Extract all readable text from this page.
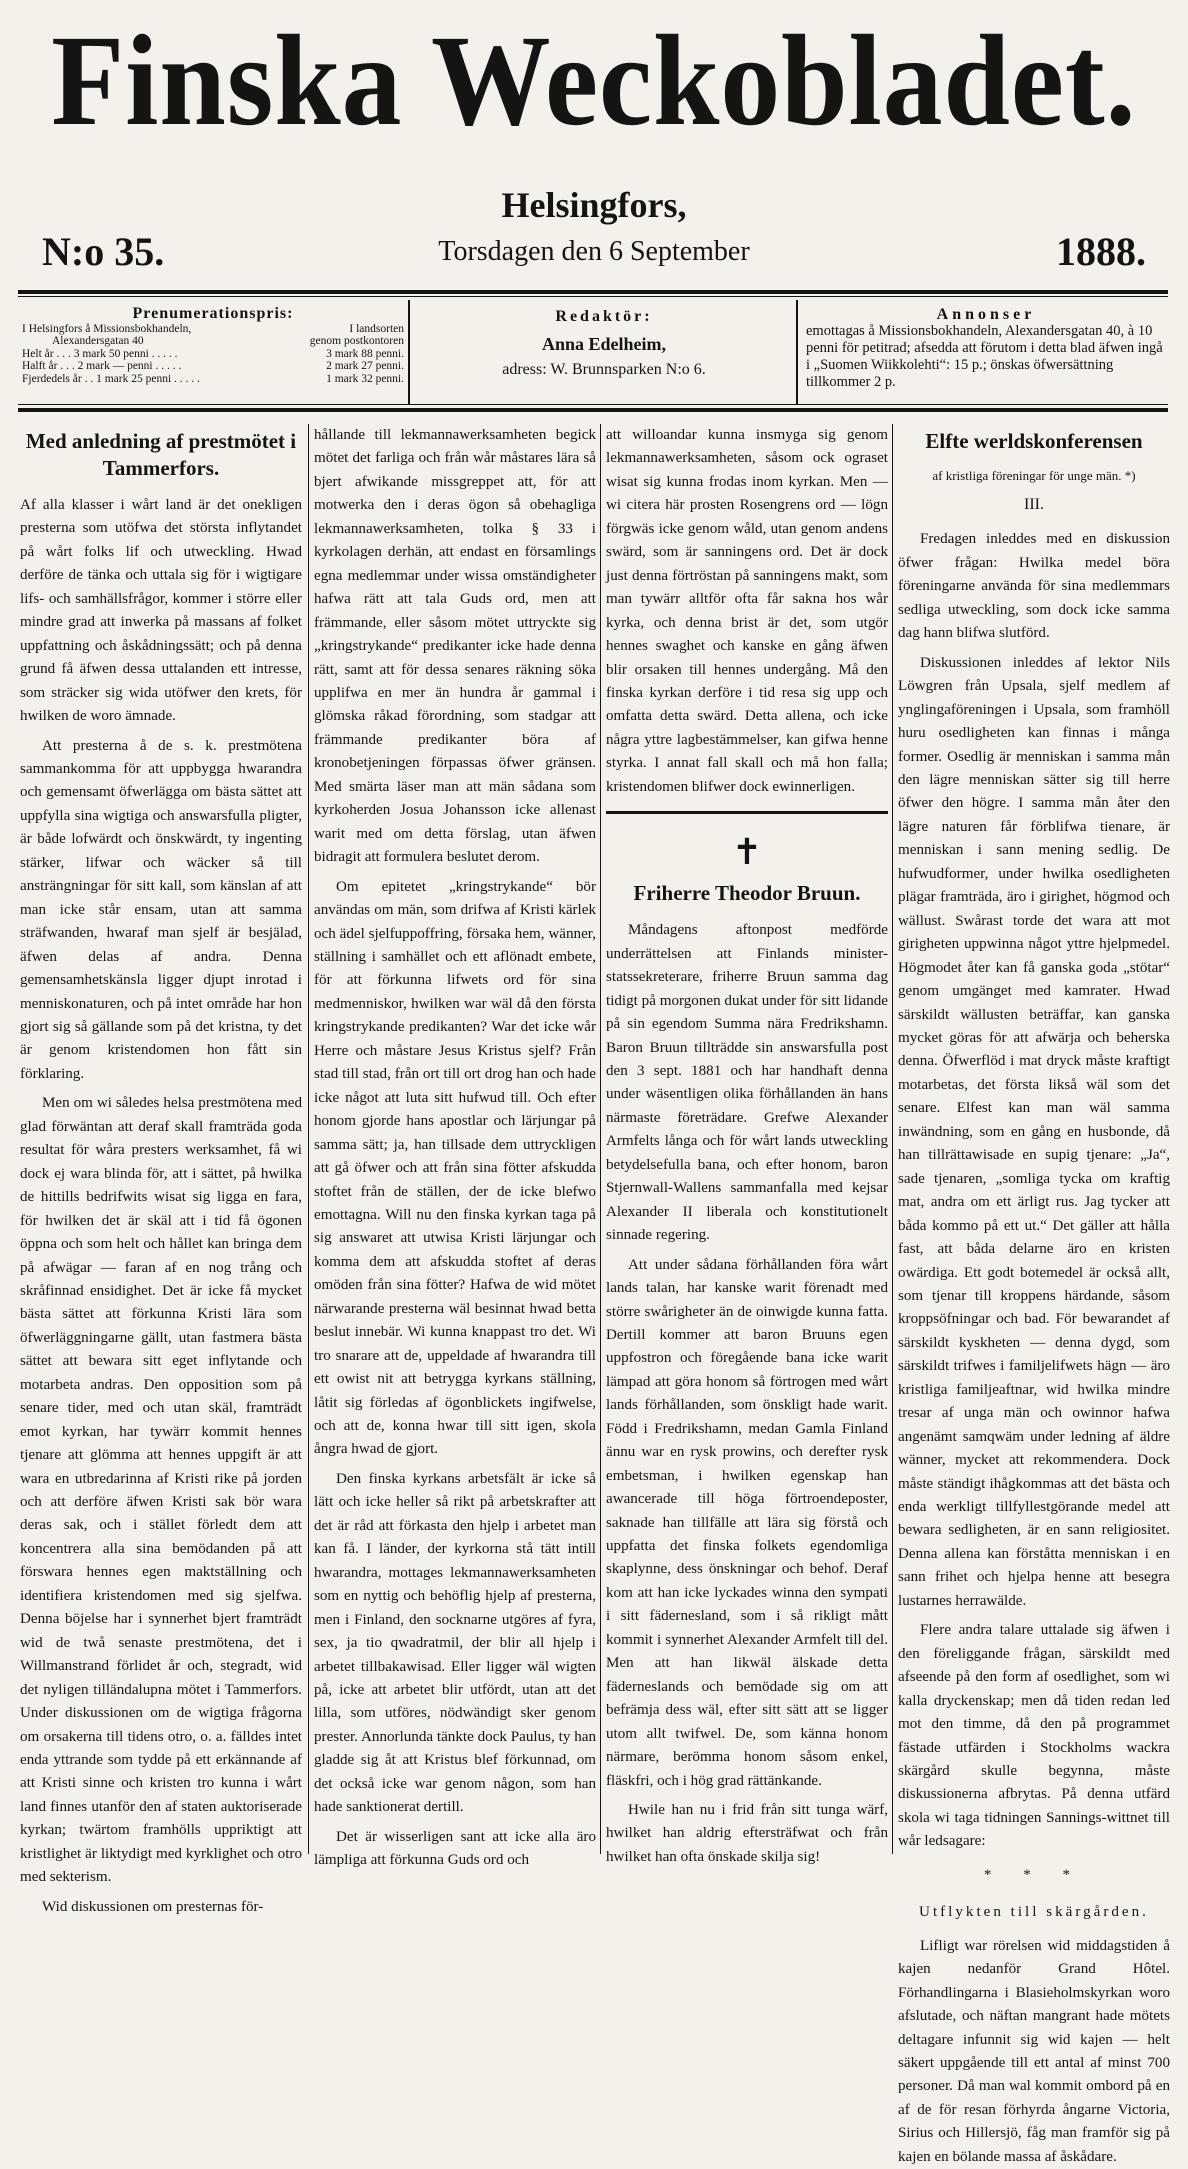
Finska Weckobladet.
Helsingfors,
N:o 35.	Torsdagen den 6 September	1888.
Prenumerationspris:
I Helsingfors å Missionsbokhandeln,	I landsorten
Alexandersgatan 40	genom postkontoren
Helt år . . . 3 mark 50 penni . . . . .	3 mark 88 penni.
Halft år . . . 2 mark — penni . . . . .	2 mark 27 penni.
Fjerdedels år . . 1 mark 25 penni . . . . .	1 mark 32 penni.
Redaktör:
Anna Edelheim,
adress: W. Brunnsparken N:o 6.
Annonser
emottagas å Missionsbokhandeln, Alexandersgatan 40, à 10 penni för petitrad; afsedda att förutom i detta blad äfwen ingå i „Suomen Wiikkolehti“: 15 p.; önskas öfwersättning tillkommer 2 p.
Med anledning af prestmötet i Tammerfors.

Af alla klasser i wårt land är det onekligen presterna som utöfwa det största inflytandet på wårt folks lif och utweckling. Hwad derföre de tänka och uttala sig för i wigtigare lifs- och samhällsfrågor, kommer i större eller mindre grad att inwerka på massans af folket uppfattning och åskådningssätt; och på denna grund få äfwen dessa uttalanden ett intresse, som sträcker sig wida utöfwer den krets, för hwilken de woro ämnade.

Att presterna å de s. k. prestmötena sammankomma för att uppbygga hwarandra och gemensamt öfwerlägga om bästa sättet att uppfylla sina wigtiga och answarsfulla pligter, är både lofwärdt och önskwärdt, ty ingenting stärker, lifwar och wäcker så till ansträngningar för sitt kall, som känslan af att man icke står ensam, utan att samma sträfwanden, hwaraf man sjelf är besjälad, äfwen delas af andra. Denna gemensamhetskänsla ligger djupt inrotad i menniskonaturen, och på intet område har hon gjort sig så gällande som på det kristna, ty det är genom kristendomen hon fått sin förklaring.

Men om wi således helsa prestmötena med glad förwäntan att deraf skall framträda goda resultat för wåra presters werksamhet, få wi dock ej wara blinda för, att i sättet, på hwilka de hittills bedrifwits wisat sig ligga en fara, för hwilken det är skäl att i tid få ögonen öppna och som helt och hållet kan bringa dem på afwägar — faran af en nog trång och skråfinnad ensidighet. Det är icke få mycket bästa sättet att förkunna Kristi lära som öfwerläggningarne gällt, utan fastmera bästa sättet att bewara sitt eget inflytande och motarbeta andras. Den opposition som på senare tider, med och utan skäl, framträdt emot kyrkan, har tywärr kommit hennes tjenare att glömma att hennes uppgift är att wara en utbredarinna af Kristi rike på jorden och att derföre äfwen Kristi sak bör wara deras sak, och i stället förledt dem att koncentrera alla sina bemödanden på att förswara hennes egen maktställning och identifiera kristendomen med sig sjelfwa. Denna böjelse har i synnerhet bjert framträdt wid de twå senaste prestmötena, det i Willmanstrand förlidet år och, stegradt, wid det nyligen tilländalupna mötet i Tammerfors. Under diskussionen om de wigtiga frågorna om orsakerna till tidens otro, o. a. fälldes intet enda yttrande som tydde på ett erkännande af att Kristi sinne och kristen tro kunna i wårt land finnes utanför den af staten auktoriserade kyrkan; twärtom framhölls uppriktigt att kristlighet är liktydigt med kyrklighet och otro med sekterism.

Wid diskussionen om presternas för-

hållande till lekmannawerksamheten begick mötet det farliga och från wår måstares lära så bjert afwikande missgreppet att, för att motwerka den i deras ögon så obehagliga lekmannawerksamheten, tolka § 33 i kyrkolagen derhän, att endast en församlings egna medlemmar under wissa omständigheter hafwa rätt att tala Guds ord, men att främmande, eller såsom mötet uttryckte sig „kringstrykande“ predikanter icke hade denna rätt, samt att för dessa senares räkning söka upplifwa en mer än hundra år gammal i glömska råkad förordning, som stadgar att främmande predikanter böra af kronobetjeningen förpassas öfwer gränsen. Med smärta läser man att män sådana som kyrkoherden Josua Johansson icke allenast warit med om detta förslag, utan äfwen bidragit att formulera beslutet derom.

Om epitetet „kringstrykande“ bör användas om män, som drifwa af Kristi kärlek och ädel sjelfuppoffring, försaka hem, wänner, ställning i samhället och ett aflönadt embete, för att förkunna lifwets ord för sina medmenniskor, hwilken war wäl då den första kringstrykande predikanten? War det icke wår Herre och måstare Jesus Kristus sjelf? Från stad till stad, från ort till ort drog han och hade icke något att luta sitt hufwud till. Och efter honom gjorde hans apostlar och lärjungar på samma sätt; ja, han tillsade dem uttryckligen att gå öfwer och att från sina fötter afskudda stoftet från de ställen, der de icke blefwo emottagna. Will nu den finska kyrkan taga på sig answaret att utwisa Kristi lärjungar och komma dem att afskudda stoftet af deras omöden från sina fötter? Hafwa de wid mötet närwarande presterna wäl besinnat hwad betta beslut innebär. Wi kunna knappast tro det. Wi tro snarare att de, uppeldade af hwarandra till ett owist nit att betrygga kyrkans ställning, låtit sig förledas af ögonblickets ingifwelse, och att de, konna hwar till sitt igen, skola ångra hwad de gjort.

Den finska kyrkans arbetsfält är icke så lätt och icke heller så rikt på arbetskrafter att det är råd att förkasta den hjelp i arbetet man kan få. I länder, der kyrkorna stå tätt intill hwarandra, mottages lekmannawerksamheten som en nyttig och behöflig hjelp af presterna, men i Finland, den socknarne utgöres af fyra, sex, ja tio qwadratmil, der blir all hjelp i arbetet tillbakawisad. Eller ligger wäl wigten på, icke att arbetet blir utfördt, utan att det lilla, som utföres, nödwändigt sker genom prester. Annorlunda tänkte dock Paulus, ty han gladde sig åt att Kristus blef förkunnad, om det också icke war genom någon, som han hade sanktionerat dertill.

Det är wisserligen sant att icke alla äro lämpliga att förkunna Guds ord och

att willoandar kunna insmyga sig genom lekmannawerksamheten, såsom ock ograset wisat sig kunna frodas inom kyrkan. Men — wi citera här prosten Rosengrens ord — lögn förgwäs icke genom wåld, utan genom andens swärd, som är sanningens ord. Det är dock just denna förtröstan på sanningens makt, som man tywärr alltför ofta får sakna hos wår kyrka, och denna brist är det, som utgör hennes swaghet och kanske en gång äfwen blir orsaken till hennes undergång. Må den finska kyrkan derföre i tid resa sig upp och omfatta detta swärd. Detta allena, och icke några yttre lagbestämmelser, kan gifwa henne styrka. I annat fall skall och må hon falla; kristendomen blifwer dock ewinnerligen.

✝
Friherre Theodor Bruun.

Måndagens aftonpost medförde underrättelsen att Finlands minister-statssekreterare, friherre Bruun samma dag tidigt på morgonen dukat under för sitt lidande på sin egendom Summa nära Fredrikshamn. Baron Bruun tillträdde sin answarsfulla post den 3 sept. 1881 och har handhaft denna under wäsentligen olika förhållanden än hans närmaste företrädare. Grefwe Alexander Armfelts långa och för wårt lands utweckling betydelsefulla bana, och efter honom, baron Stjernwall-Wallens sammanfalla med kejsar Alexander II liberala och konstitutionelt sinnade regering.

Att under sådana förhållanden föra wårt lands talan, har kanske warit förenadt med större swårigheter än de oinwigde kunna fatta. Dertill kommer att baron Bruuns egen uppfostron och föregående bana icke warit lämpad att göra honom så förtrogen med wårt lands förhållanden, som önskligt hade warit. Född i Fredrikshamn, medan Gamla Finland ännu war en rysk prowins, och derefter rysk embetsman, i hwilken egenskap han awancerade till höga förtroendeposter, saknade han tillfälle att lära sig förstå och uppfatta det finska folkets egendomliga skaplynne, dess önskningar och behof. Deraf kom att han icke lyckades winna den sympati i sitt fädernesland, som i så rikligt mått kommit i synnerhet Alexander Armfelt till del. Men att han likwäl älskade detta fäderneslands och bemödade sig om att befrämja dess wäl, efter sitt sätt att se ligger utom allt twifwel. De, som känna honom närmare, berömma honom såsom enkel, fläskfri, och i hög grad rättänkande.

Hwile han nu i frid från sitt tunga wärf, hwilket han aldrig eftersträfwat och från hwilket han ofta önskade skilja sig!

Elfte werldskonferensen
af kristliga föreningar för unge män. *)
III.

Fredagen inleddes med en diskussion öfwer frågan: Hwilka medel böra föreningarne använda för sina medlemmars sedliga utweckling, som dock icke samma dag hann blifwa slutförd.

Diskussionen inleddes af lektor Nils Löwgren från Upsala, sjelf medlem af ynglingaföreningen i Upsala, som framhöll huru osedligheten kan finnas i många former. Osedlig är menniskan i samma mån den lägre menniskan sätter sig till herre öfwer den högre. I samma mån åter den lägre naturen får förblifwa tienare, är menniskan i sann mening sedlig. De hufwudformer, under hwilka osedligheten plägar framträda, äro i girighet, högmod och wällust. Swårast torde det wara att mot girigheten uppwinna något yttre hjelpmedel. Högmodet åter kan få ganska goda „stötar“ genom umgänget med kamrater. Hwad särskildt wällusten beträffar, kan ganska mycket göras för att afwärja och beherska denna. Öfwerflöd i mat dryck måste kraftigt motarbetas, det första likså wäl som det senare. Elfest kan man wäl samma inwändning, som en gång en husbonde, då han tillrättawisade en supig tjenare: „Ja“, sade tjenaren, „somliga tycka om kraftig mat, andra om ett ärligt rus. Jag tycker att båda kommo på ett ut.“ Det gäller att hålla fast, att båda delarne äro en kristen owärdiga. Ett godt botemedel är också allt, som tjenar till kroppens härdande, såsom kroppsöfningar och bad. För bewarandet af särskildt kyskheten — denna dygd, som särskildt trifwes i familjelifwets hägn — äro kristliga familjeaftnar, wid hwilka mindre tresar af unga män och owinnor hafwa angenämt samqwäm under ledning af äldre wänner, mycket att rekommendera. Dock måste ständigt ihågkommas att det bästa och enda werkligt tillfyllestgörande medel att bewara sedligheten, är en sann religiositet. Denna allena kan förståtta menniskan i en sann frihet och hjelpa henne att besegra lustarnes herrawälde.

Flere andra talare uttalade sig äfwen i den föreliggande frågan, särskildt med afseende på den form af osedlighet, som wi kalla dryckenskap; men då tiden redan led mot den timme, då den på programmet fästade utfärden i Stockholms wackra skärgård skulle begynna, måste diskussionerna afbrytas. På denna utfärd skola wi taga tidningen Sannings-wittnet till wår ledsagare:

* * *
Utflykten till skärgården.

Lifligt war rörelsen wid middagstiden å kajen nedanför Grand Hôtel. Förhandlingarna i Blasieholmskyrkan woro afslutade, och näftan mangrant hade mötets deltagare infunnit sig wid kajen — helt säkert uppgående till ett antal af minst 700 personer. Då man wal kommit ombord på en af de för resan förhyrda ångarne Victoria, Sirius och Hillersjö, fåg man framför sig på kajen en bölande massa af åskådare.
